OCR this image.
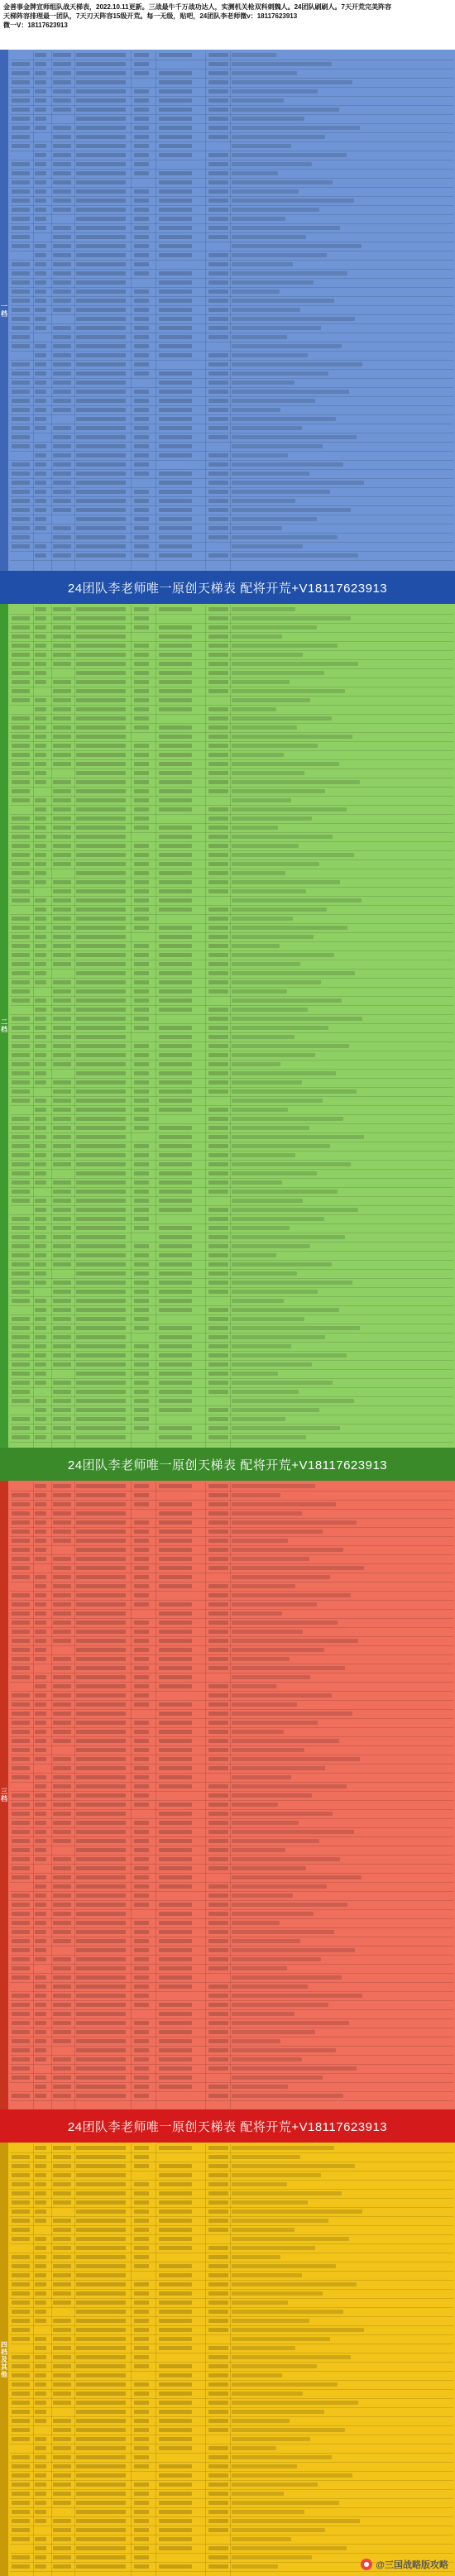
金善事金牌宣师组队战天梯表，2022.10.11更新。三战最牛千万战功达人，实测机关枪双科刺魏人。24团队刷刷人。7天开荒完美阵容
天梯阵容排理最一团队，7天刃天阵容15级开荒。每一无级，贴吧，24团队李老师微v：18117623913
微一V：18117623913
一档
24团队李老师唯一原创天梯表 配将开荒+V18117623913
二档
24团队李老师唯一原创天梯表 配将开荒+V18117623913
三档
24团队李老师唯一原创天梯表 配将开荒+V18117623913
四档及其他
@三国战略版攻略
